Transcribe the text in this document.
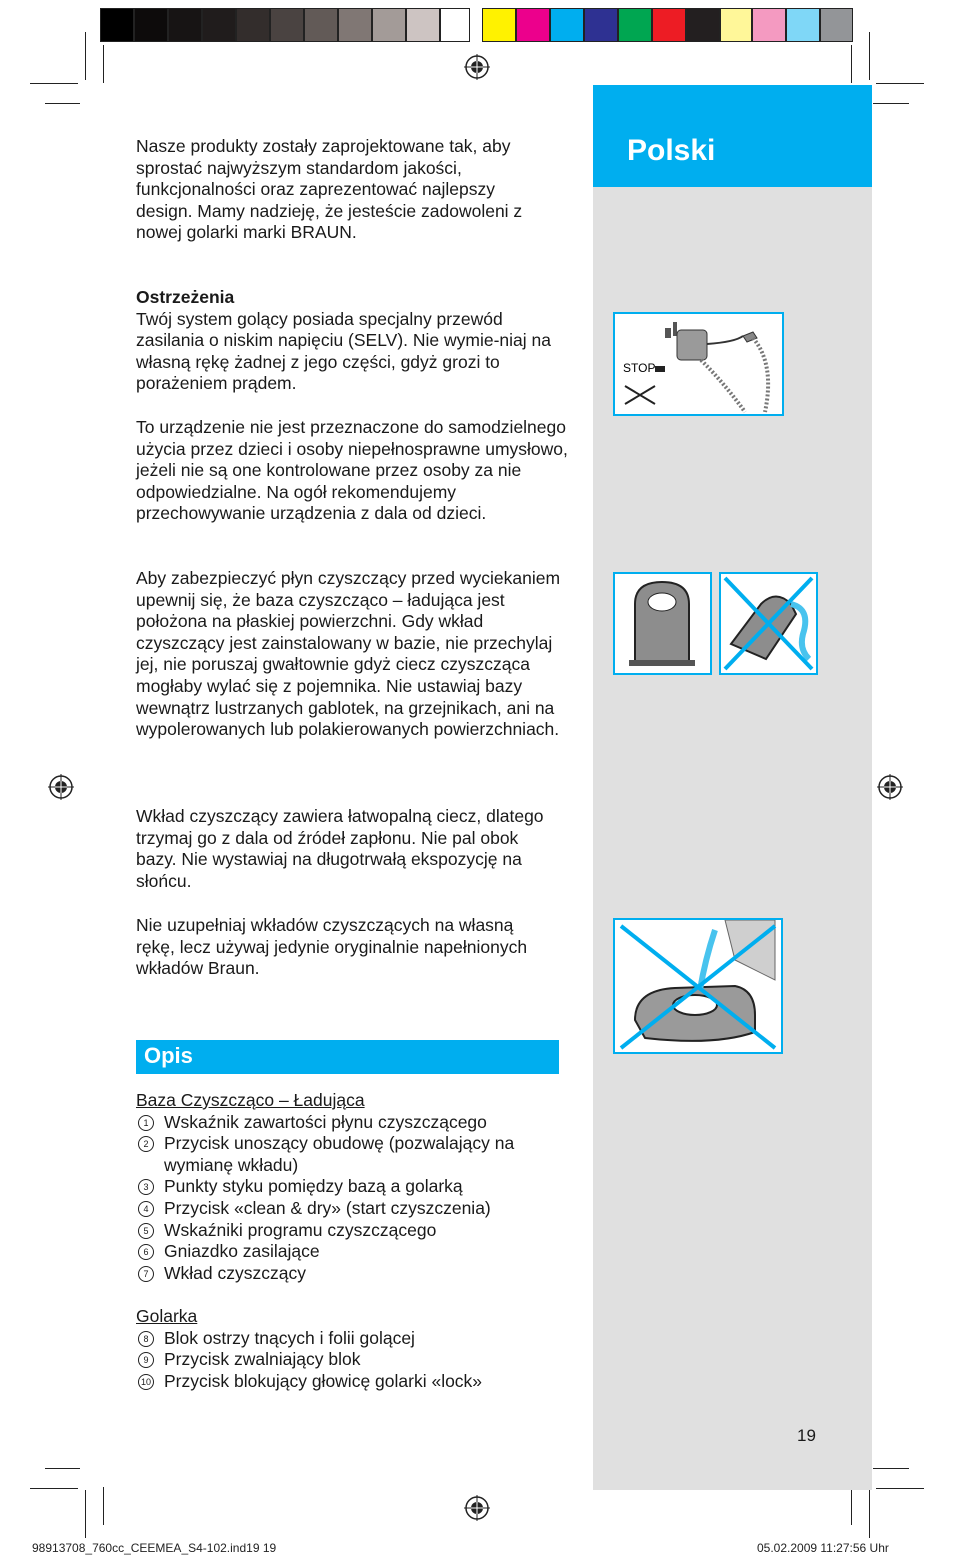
Polski
STOP

Nasze produkty zostały zaprojektowane tak, aby sprostać najwyższym standardom jakości, funkcjonalności oraz zaprezentować najlepszy design. Mamy nadzieję, że jesteście zadowoleni z nowej golarki marki BRAUN.

Ostrzeżenia

Twój system golący posiada specjalny przewód zasilania o niskim napięciu (SELV). Nie wymie-niaj na własną rękę żadnej z jego części, gdyż grozi to porażeniem prądem.

To urządzenie nie jest przeznaczone do samodzielnego użycia przez dzieci i osoby niepełnosprawne umysłowo, jeżeli nie są one kontrolowane przez osoby za nie odpowiedzialne. Na ogół rekomendujemy przechowywanie urządzenia z dala od dzieci.

Aby zabezpieczyć płyn czyszczący przed wyciekaniem upewnij się, że baza czyszcząco – ładująca jest położona na płaskiej powierzchni. Gdy wkład czyszczący jest zainstalowany w bazie, nie przechylaj jej, nie poruszaj gwałtownie gdyż ciecz czyszcząca mogłaby wylać się z pojemnika. Nie ustawiaj bazy wewnątrz lustrzanych gablotek, na grzejnikach, ani na wypolerowanych lub polakierowanych powierzchniach.

Wkład czyszczący zawiera łatwopalną ciecz, dlatego trzymaj go z dala od źródeł zapłonu. Nie pal obok bazy. Nie wystawiaj na długotrwałą ekspozycję na słońcu.

Nie uzupełniaj wkładów czyszczących na własną rękę, lecz używaj jedynie oryginalnie napełnionych wkładów Braun.

Opis

Baza Czyszcząco – Ładująca

1 Wskaźnik zawartości płynu czyszczącego
2 Przycisk unoszący obudowę (pozwalający na wymianę wkładu)
3 Punkty styku pomiędzy bazą a golarką
4 Przycisk «clean & dry» (start czyszczenia)
5 Wskaźniki programu czyszczącego
6 Gniazdko zasilające
7 Wkład czyszczący

Golarka

8 Blok ostrzy tnących i folii golącej
9 Przycisk zwalniający blok
10 Przycisk blokujący głowicę golarki «lock»
19
98913708_760cc_CEEMEA_S4-102.ind19 19	05.02.2009 11:27:56 Uhr
